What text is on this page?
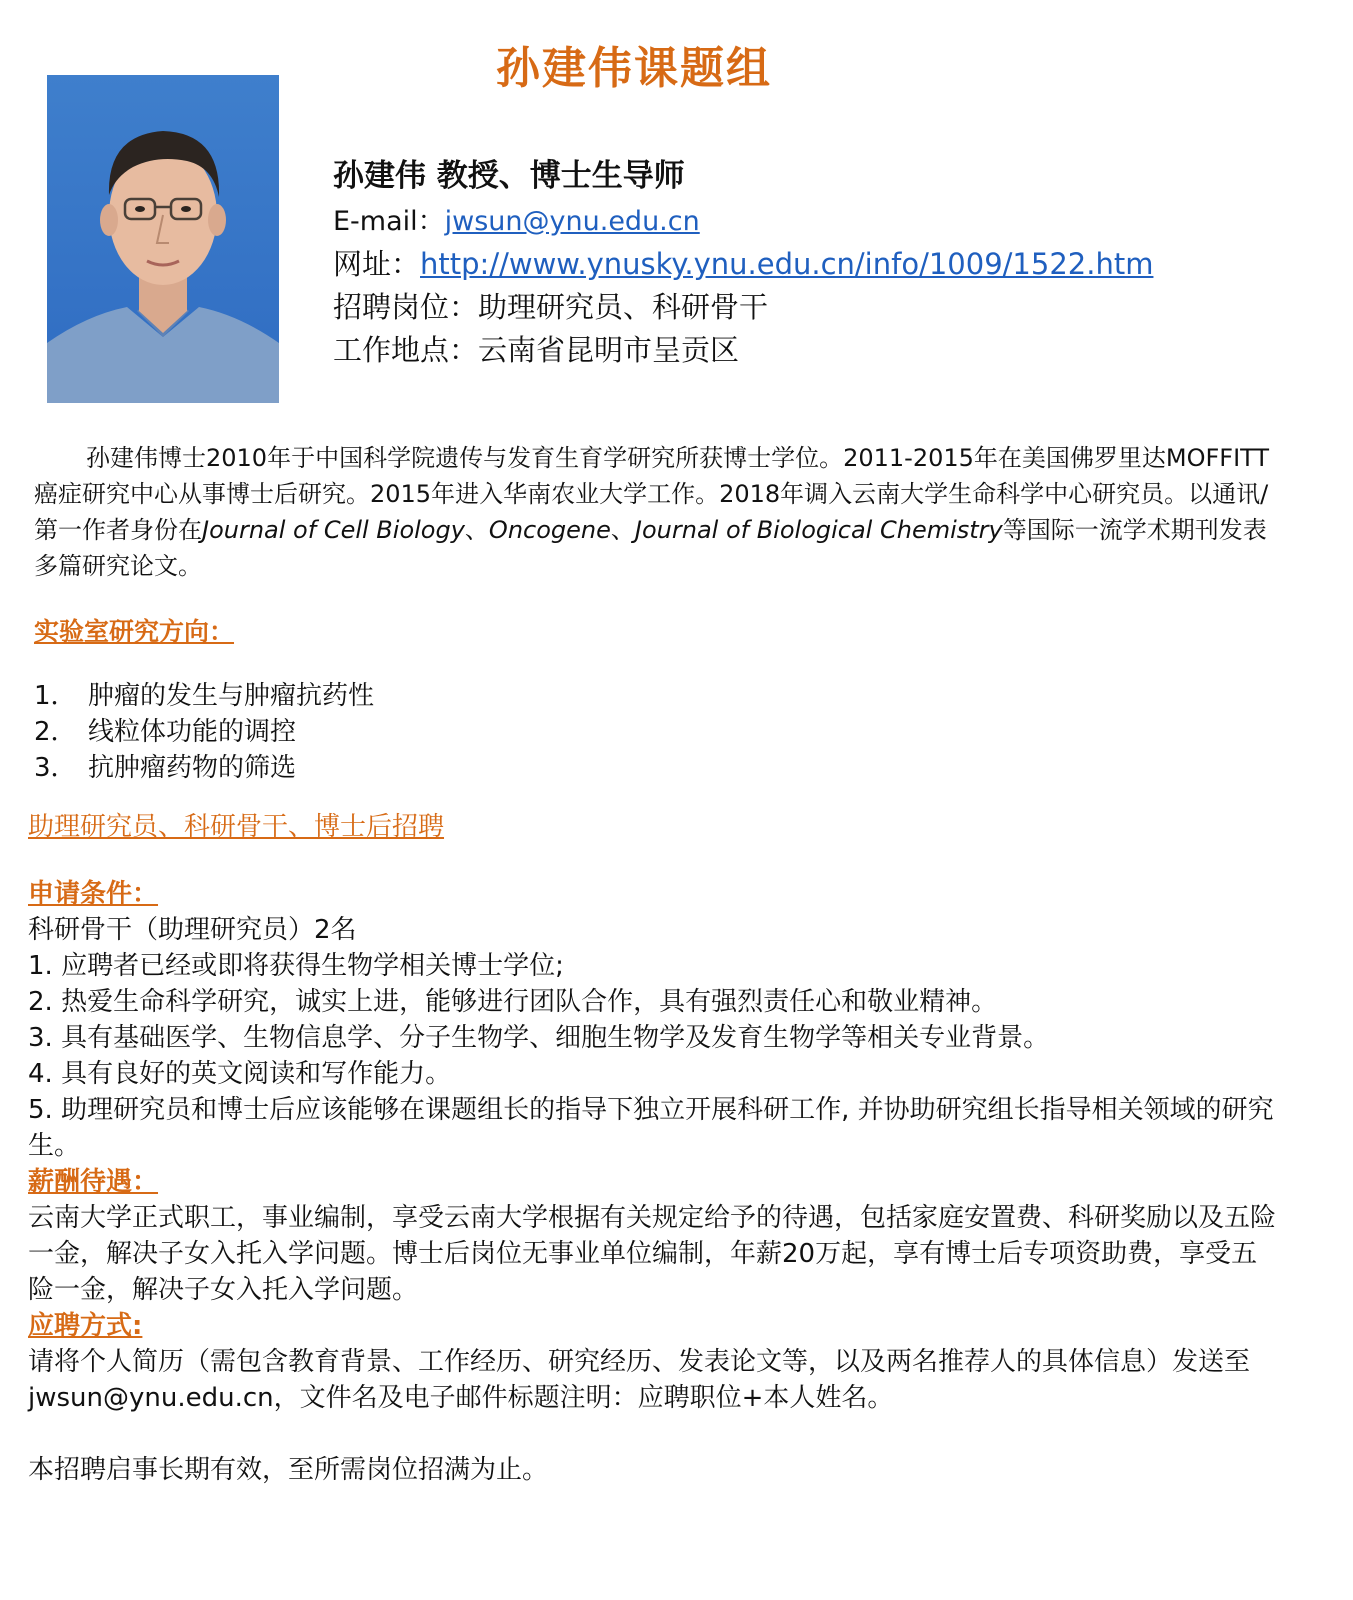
孙建伟课题组
孙建伟 教授、博士生导师
E-mail：jwsun@ynu.edu.cn
网址：http://www.ynusky.ynu.edu.cn/info/1009/1522.htm
招聘岗位：助理研究员、科研骨干
工作地点：云南省昆明市呈贡区
孙建伟博士2010年于中国科学院遗传与发育生育学研究所获博士学位。2011-2015年在美国佛罗里达MOFFITT癌症研究中心从事博士后研究。2015年进入华南农业大学工作。2018年调入云南大学生命科学中心研究员。以通讯/第一作者身份在Journal of Cell Biology、Oncogene、Journal of Biological Chemistry等国际一流学术期刊发表多篇研究论文。
实验室研究方向：
1． 肿瘤的发生与肿瘤抗药性
2． 线粒体功能的调控
3． 抗肿瘤药物的筛选
助理研究员、科研骨干、博士后招聘
申请条件：
科研骨干（助理研究员）2名
1. 应聘者已经或即将获得生物学相关博士学位;
2. 热爱生命科学研究，诚实上进，能够进行团队合作，具有强烈责任心和敬业精神。
3. 具有基础医学、生物信息学、分子生物学、细胞生物学及发育生物学等相关专业背景。
4. 具有良好的英文阅读和写作能力。
5. 助理研究员和博士后应该能够在课题组长的指导下独立开展科研工作, 并协助研究组长指导相关领域的研究生。
薪酬待遇：
云南大学正式职工，事业编制，享受云南大学根据有关规定给予的待遇，包括家庭安置费、科研奖励以及五险一金，解决子女入托入学问题。博士后岗位无事业单位编制，年薪20万起，享有博士后专项资助费，享受五险一金，解决子女入托入学问题。
应聘方式:
请将个人简历（需包含教育背景、工作经历、研究经历、发表论文等，以及两名推荐人的具体信息）发送至jwsun@ynu.edu.cn，文件名及电子邮件标题注明：应聘职位+本人姓名。
本招聘启事长期有效，至所需岗位招满为止。
